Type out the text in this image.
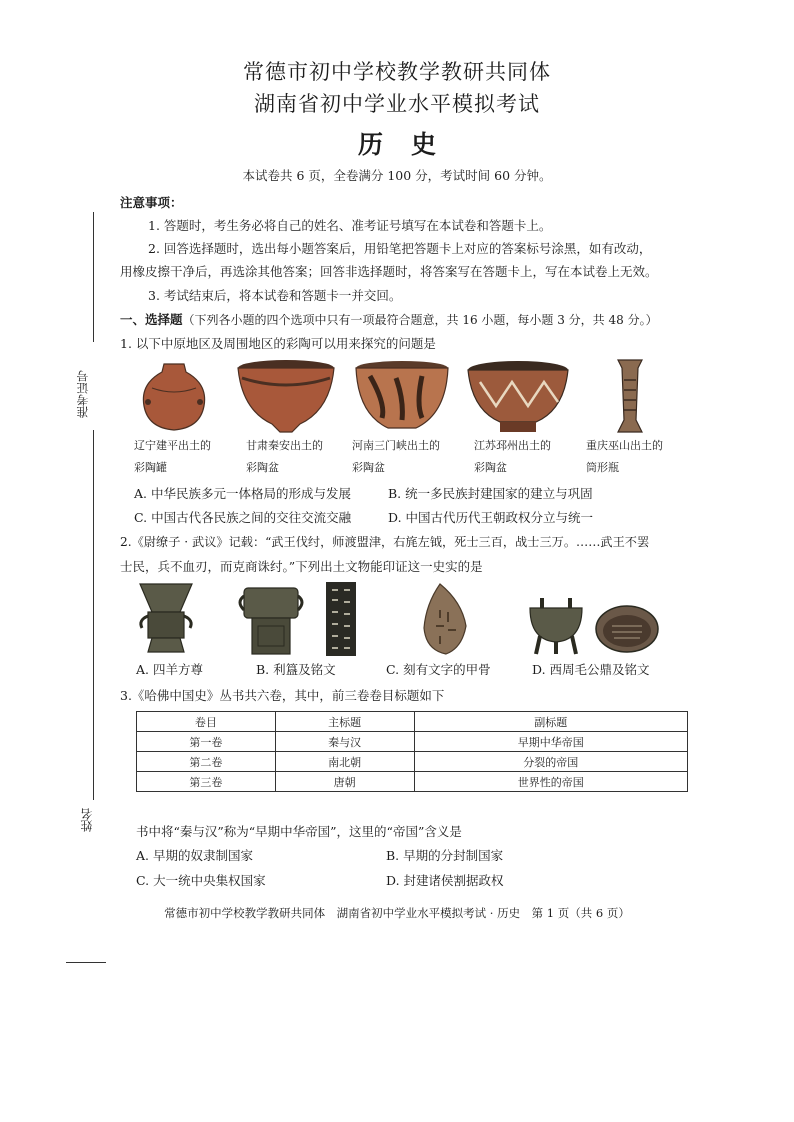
常德市初中学校教学教研共同体
湖南省初中学业水平模拟考试
历史
本试卷共 6 页，全卷满分 100 分，考试时间 60 分钟。
注意事项：
1. 答题时，考生务必将自己的姓名、准考证号填写在本试卷和答题卡上。
2. 回答选择题时，选出每小题答案后，用铅笔把答题卡上对应的答案标号涂黑，如有改动，
用橡皮擦干净后，再选涂其他答案；回答非选择题时，将答案写在答题卡上，写在本试卷上无效。
3. 考试结束后，将本试卷和答题卡一并交回。
一、选择题（下列各小题的四个选项中只有一项最符合题意，共 16 小题，每小题 3 分，共 48 分。）
准考证号
姓名
1. 以下中原地区及周围地区的彩陶可以用来探究的问题是
辽宁建平出土的
彩陶罐
甘肃秦安出土的
彩陶盆
河南三门峡出土的
彩陶盆
江苏邳州出土的
彩陶盆
重庆巫山出土的
筒形瓶
A. 中华民族多元一体格局的形成与发展	B. 统一多民族封建国家的建立与巩固
C. 中国古代各民族之间的交往交流交融	D. 中国古代历代王朝政权分立与统一
2.《尉缭子 · 武议》记载：“武王伐纣，师渡盟津，右旄左钺，死士三百，战士三万。……武王不罢
士民，兵不血刃，而克商诛纣。”下列出土文物能印证这一史实的是
A. 四羊方尊	B. 利簋及铭文	C. 刻有文字的甲骨	D. 西周毛公鼎及铭文
3.《哈佛中国史》丛书共六卷，其中，前三卷卷目标题如下
卷目	主标题	副标题
第一卷	秦与汉	早期中华帝国
第二卷	南北朝	分裂的帝国
第三卷	唐朝	世界性的帝国
书中将“秦与汉”称为“早期中华帝国”，这里的“帝国”含义是
A. 早期的奴隶制国家	B. 早期的分封制国家
C. 大一统中央集权国家	D. 封建诸侯割据政权
常德市初中学校教学教研共同体　湖南省初中学业水平模拟考试 · 历史　第 1 页（共 6 页）
